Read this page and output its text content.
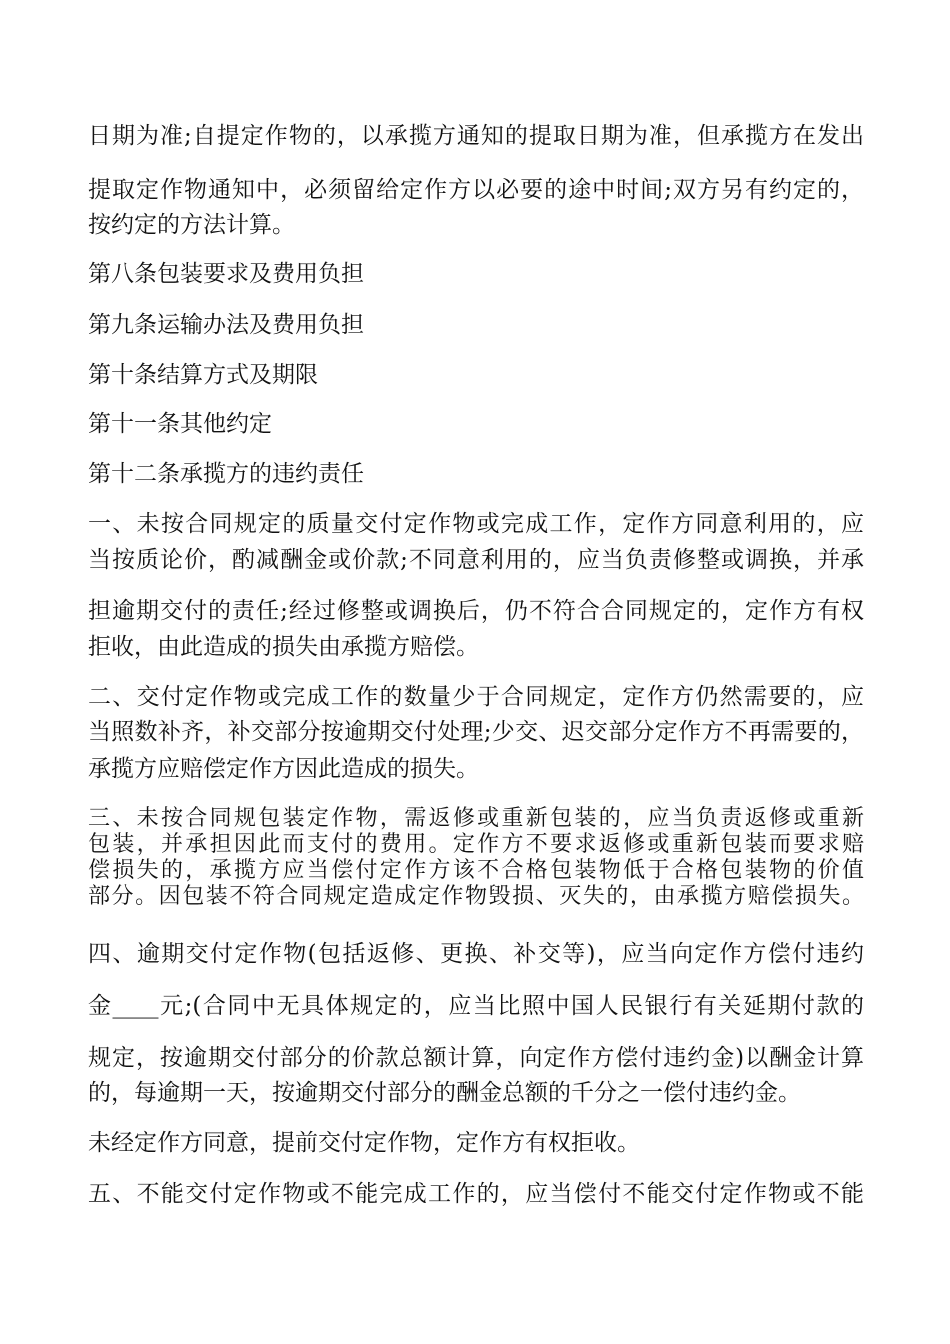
日期为准;自提定作物的，以承揽方通知的提取日期为准，但承揽方在发出
提取定作物通知中，必须留给定作方以必要的途中时间;双方另有约定的，
按约定的方法计算。
第八条包装要求及费用负担
第九条运输办法及费用负担
第十条结算方式及期限
第十一条其他约定
第十二条承揽方的违约责任
一、未按合同规定的质量交付定作物或完成工作，定作方同意利用的，应
当按质论价，酌减酬金或价款;不同意利用的，应当负责修整或调换，并承
担逾期交付的责任;经过修整或调换后，仍不符合合同规定的，定作方有权
拒收，由此造成的损失由承揽方赔偿。
二、交付定作物或完成工作的数量少于合同规定，定作方仍然需要的，应
当照数补齐，补交部分按逾期交付处理;少交、迟交部分定作方不再需要的，
承揽方应赔偿定作方因此造成的损失。
三、未按合同规包装定作物，需返修或重新包装的，应当负责返修或重新
包装，并承担因此而支付的费用。定作方不要求返修或重新包装而要求赔
偿损失的，承揽方应当偿付定作方该不合格包装物低于合格包装物的价值
部分。因包装不符合同规定造成定作物毁损、灭失的，由承揽方赔偿损失。
四、逾期交付定作物(包括返修、更换、补交等)，应当向定作方偿付违约
金____元;(合同中无具体规定的，应当比照中国人民银行有关延期付款的
规定，按逾期交付部分的价款总额计算，向定作方偿付违约金)以酬金计算
的，每逾期一天，按逾期交付部分的酬金总额的千分之一偿付违约金。
未经定作方同意，提前交付定作物，定作方有权拒收。
五、不能交付定作物或不能完成工作的，应当偿付不能交付定作物或不能
